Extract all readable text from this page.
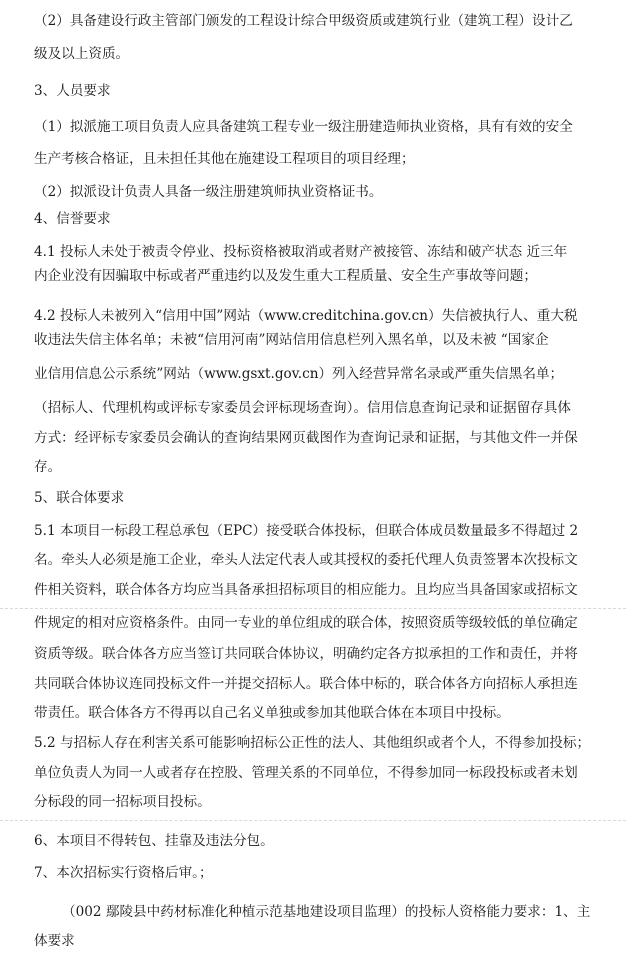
（2）具备建设行政主管部门颁发的工程设计综合甲级资质或建筑行业（建筑工程）设计乙
级及以上资质。
3、人员要求
（1）拟派施工项目负责人应具备建筑工程专业一级注册建造师执业资格，具有有效的安全
生产考核合格证，且未担任其他在施建设工程项目的项目经理；
（2）拟派设计负责人具备一级注册建筑师执业资格证书。
4、信誉要求
4.1 投标人未处于被责令停业、投标资格被取消或者财产被接管、冻结和破产状态 近三年
内企业没有因骗取中标或者严重违约以及发生重大工程质量、安全生产事故等问题；
4.2 投标人未被列入“信用中国”网站（www.creditchina.gov.cn）失信被执行人、重大税
收违法失信主体名单；未被“信用河南”网站信用信息栏列入黑名单，以及未被 “国家企
业信用信息公示系统”网站（www.gsxt.gov.cn）列入经营异常名录或严重失信黑名单；
（招标人、代理机构或评标专家委员会评标现场查询）。信用信息查询记录和证据留存具体
方式：经评标专家委员会确认的查询结果网页截图作为查询记录和证据，与其他文件一并保
存。
5、联合体要求
5.1 本项目一标段工程总承包（EPC）接受联合体投标，但联合体成员数量最多不得超过 2
名。牵头人必须是施工企业，牵头人法定代表人或其授权的委托代理人负责签署本次投标文
件相关资料，联合体各方均应当具备承担招标项目的相应能力。且均应当具备国家或招标文
件规定的相对应资格条件。由同一专业的单位组成的联合体，按照资质等级较低的单位确定
资质等级。联合体各方应当签订共同联合体协议，明确约定各方拟承担的工作和责任，并将
共同联合体协议连同投标文件一并提交招标人。联合体中标的，联合体各方向招标人承担连
带责任。联合体各方不得再以自己名义单独或参加其他联合体在本项目中投标。
5.2 与招标人存在利害关系可能影响招标公正性的法人、其他组织或者个人，不得参加投标；
单位负责人为同一人或者存在控股、管理关系的不同单位，不得参加同一标段投标或者未划
分标段的同一招标项目投标。
6、本项目不得转包、挂靠及违法分包。
7、本次招标实行资格后审。；
（002 鄢陵县中药材标准化种植示范基地建设项目监理）的投标人资格能力要求：1、主
体要求
